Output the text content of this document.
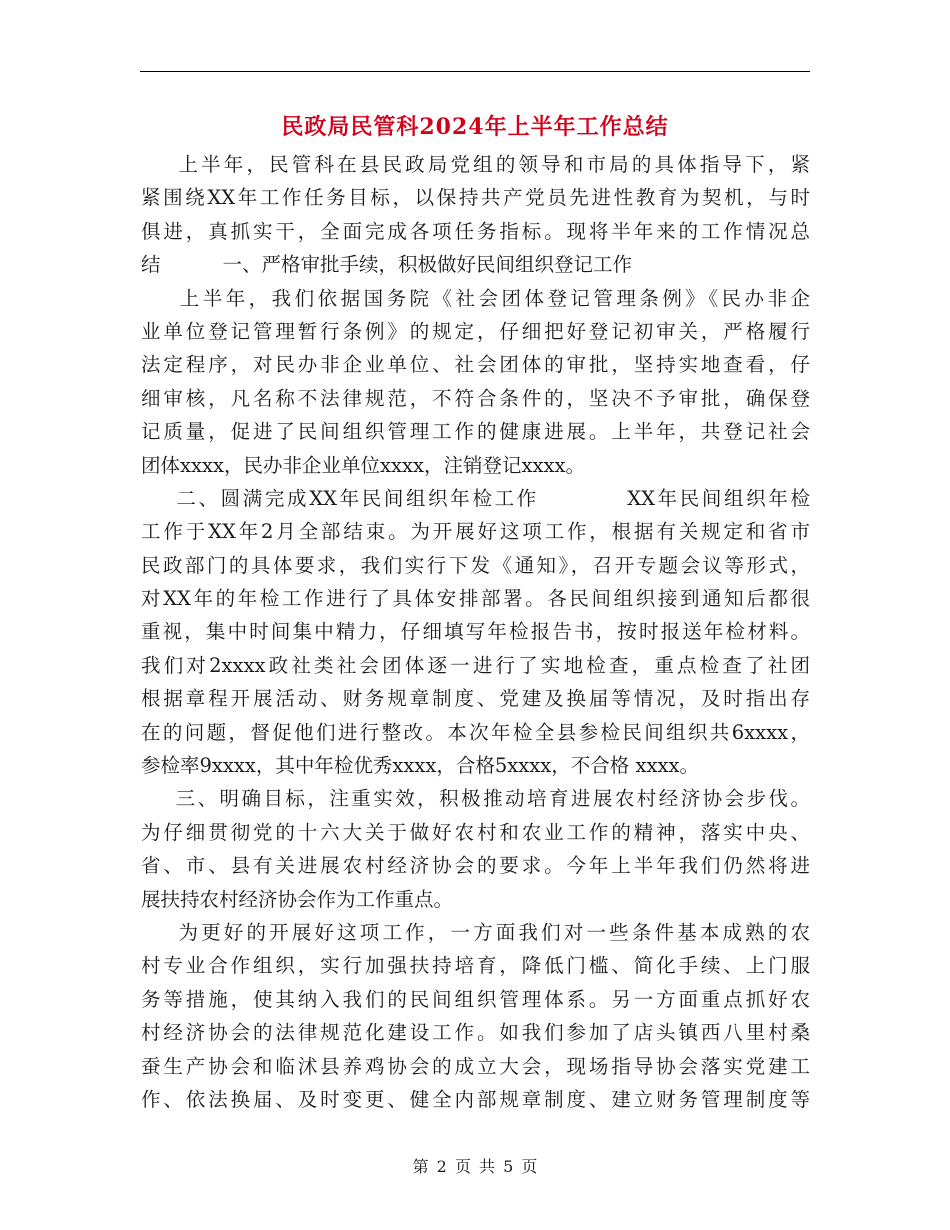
民政局民管科2024年上半年工作总结
上半年，民管科在县民政局党组的领导和市局的具体指导下，紧
紧围绕XX年工作任务目标，以保持共产党员先进性教育为契机，与时
俱进，真抓实干，全面完成各项任务指标。现将半年来的工作情况总
结          一、严格审批手续，积极做好民间组织登记工作
上半年，我们依据国务院《社会团体登记管理条例》《民办非企
业单位登记管理暂行条例》的规定，仔细把好登记初审关，严格履行
法定程序，对民办非企业单位、社会团体的审批，坚持实地查看，仔
细审核，凡名称不法律规范，不符合条件的，坚决不予审批，确保登
记质量，促进了民间组织管理工作的健康进展。上半年，共登记社会
团体xxxx，民办非企业单位xxxx，注销登记xxxx。
二、圆满完成XX年民间组织年检工作          XX年民间组织年检
工作于XX年2月全部结束。为开展好这项工作，根据有关规定和省市
民政部门的具体要求，我们实行下发《通知》，召开专题会议等形式，
对XX年的年检工作进行了具体安排部署。各民间组织接到通知后都很
重视，集中时间集中精力，仔细填写年检报告书，按时报送年检材料。
我们对2xxxx政社类社会团体逐一进行了实地检查，重点检查了社团
根据章程开展活动、财务规章制度、党建及换届等情况，及时指出存
在的问题，督促他们进行整改。本次年检全县参检民间组织共6xxxx，
参检率9xxxx，其中年检优秀xxxx，合格5xxxx，不合格 xxxx。
三、明确目标，注重实效，积极推动培育进展农村经济协会步伐。
为仔细贯彻党的十六大关于做好农村和农业工作的精神，落实中央、
省、市、县有关进展农村经济协会的要求。今年上半年我们仍然将进
展扶持农村经济协会作为工作重点。
为更好的开展好这项工作，一方面我们对一些条件基本成熟的农
村专业合作组织，实行加强扶持培育，降低门槛、简化手续、上门服
务等措施，使其纳入我们的民间组织管理体系。另一方面重点抓好农
村经济协会的法律规范化建设工作。如我们参加了店头镇西八里村桑
蚕生产协会和临沭县养鸡协会的成立大会，现场指导协会落实党建工
作、依法换届、及时变更、健全内部规章制度、建立财务管理制度等
第 2 页 共 5 页
